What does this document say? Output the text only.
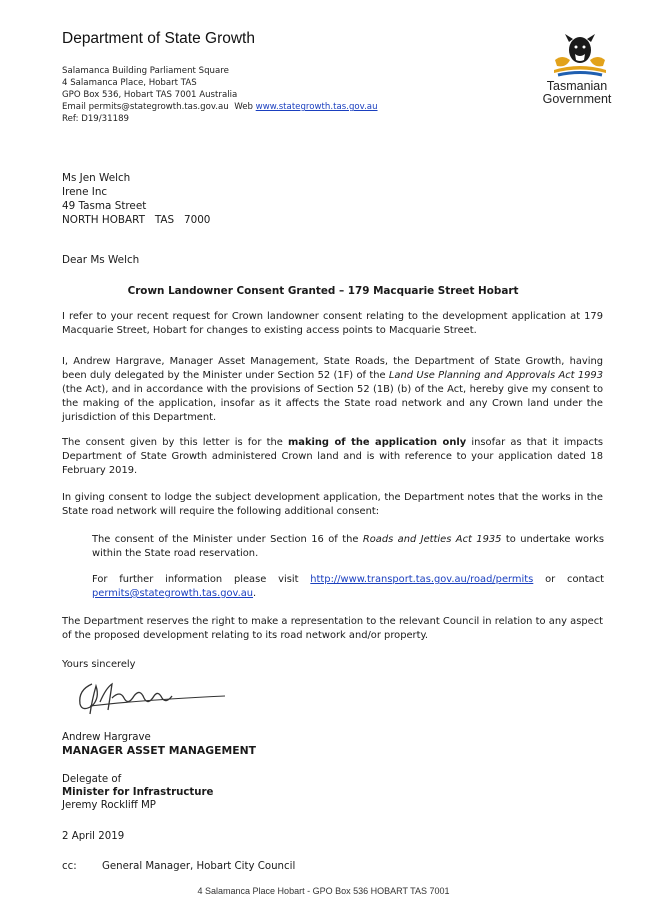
Department of State Growth
Salamanca Building Parliament Square
4 Salamanca Place, Hobart TAS
GPO Box 536, Hobart TAS 7001 Australia
Email permits@stategrowth.tas.gov.au Web www.stategrowth.tas.gov.au
Ref: D19/31189
Tasmanian
Government
Ms Jen Welch
Irene Inc
49 Tasma Street
NORTH HOBART   TAS   7000
Dear Ms Welch
Crown Landowner Consent Granted – 179 Macquarie Street Hobart
I refer to your recent request for Crown landowner consent relating to the development application at 179 Macquarie Street, Hobart for changes to existing access points to Macquarie Street.
I, Andrew Hargrave, Manager Asset Management, State Roads, the Department of State Growth, having been duly delegated by the Minister under Section 52 (1F) of the Land Use Planning and Approvals Act 1993 (the Act), and in accordance with the provisions of Section 52 (1B) (b) of the Act, hereby give my consent to the making of the application, insofar as it affects the State road network and any Crown land under the jurisdiction of this Department.
The consent given by this letter is for the making of the application only insofar as that it impacts Department of State Growth administered Crown land and is with reference to your application dated 18 February 2019.
In giving consent to lodge the subject development application, the Department notes that the works in the State road network will require the following additional consent:
The consent of the Minister under Section 16 of the Roads and Jetties Act 1935 to undertake works within the State road reservation.
For further information please visit http://www.transport.tas.gov.au/road/permits or contact permits@stategrowth.tas.gov.au.
The Department reserves the right to make a representation to the relevant Council in relation to any aspect of the proposed development relating to its road network and/or property.
Yours sincerely
Andrew Hargrave
MANAGER ASSET MANAGEMENT
Delegate of
Minister for Infrastructure
Jeremy Rockliff MP
2 April 2019
cc: General Manager, Hobart City Council
4 Salamanca Place Hobart - GPO Box 536 HOBART TAS 7001
